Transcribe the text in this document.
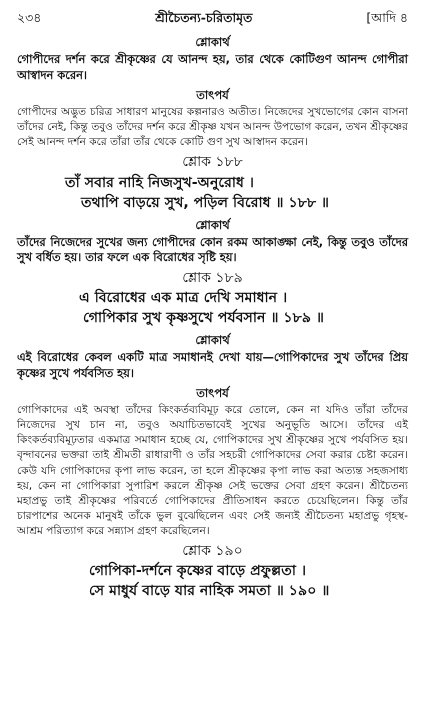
২৩৪	শ্রীচৈতন্য-চরিতামৃত	[আদি ৪
শ্লোকার্থ

গোপীদের দর্শন করে শ্রীকৃষ্ণের যে আনন্দ হয়, তার থেকে কোটিগুণ আনন্দ গোপীরা আস্বাদন করেন।

তাৎপর্য

গোপীদের অদ্ভুত চরিত্র সাধারণ মানুষের কল্পনারও অতীত। নিজেদের সুখভোগের কোন বাসনা তাঁদের নেই, কিন্তু তবুও তাঁদের দর্শন করে শ্রীকৃষ্ণ যখন আনন্দ উপভোগ করেন, তখন শ্রীকৃষ্ণের সেই আনন্দ দর্শন করে তাঁরা তাঁর থেকে কোটি গুণ সুখ আস্বাদন করেন।

শ্লোক ১৮৮
তাঁ সবার নাহি নিজসুখ-অনুরোধ ।
তথাপি বাড়য়ে সুখ, পড়িল বিরোধ ॥ ১৮৮ ॥
শ্লোকার্থ

তাঁদের নিজেদের সুখের জন্য গোপীদের কোন রকম আকাঙ্ক্ষা নেই, কিন্তু তবুও তাঁদের সুখ বর্ধিত হয়। তার ফলে এক বিরোধের সৃষ্টি হয়।

শ্লোক ১৮৯
এ বিরোধের এক মাত্র দেখি সমাধান ।
গোপিকার সুখ কৃষ্ণসুখে পর্যবসান ॥ ১৮৯ ॥
শ্লোকার্থ

এই বিরোধের কেবল একটি মাত্র সমাধানই দেখা যায়—গোপিকাদের সুখ তাঁদের প্রিয় কৃষ্ণের সুখে পর্যবসিত হয়।

তাৎপর্য

গোপিকাদের এই অবস্থা তাঁদের কিংকর্তব্যবিমূঢ় করে তোলে, কেন না যদিও তাঁরা তাঁদের নিজেদের সুখ চান না, তবুও অযাচিতভাবেই সুখের অনুভূতি আসে। তাঁদের এই কিংকর্তব্যবিমূঢ়তার একমাত্র সমাধান হচ্ছে যে, গোপিকাদের সুখ শ্রীকৃষ্ণের সুখে পর্যবসিত হয়। বৃন্দাবনের ভক্তরা তাই শ্রীমতী রাধারাণী ও তাঁর সহচরী গোপিকাদের সেবা করার চেষ্টা করেন। কেউ যদি গোপিকাদের কৃপা লাভ করেন, তা হলে শ্রীকৃষ্ণের কৃপা লাভ করা অত্যন্ত সহজসাধ্য হয়, কেন না গোপিকারা সুপারিশ করলে শ্রীকৃষ্ণ সেই ভক্তের সেবা গ্রহণ করেন। শ্রীচৈতন্য মহাপ্রভু তাই শ্রীকৃষ্ণের পরিবর্তে গোপিকাদের প্রীতিসাধন করতে চেয়েছিলেন। কিন্তু তাঁর চারপাশের অনেক মানুষই তাঁকে ভুল বুঝেছিলেন এবং সেই জন্যই শ্রীচৈতন্য মহাপ্রভু গৃহস্থ-আশ্রম পরিত্যাগ করে সন্ন্যাস গ্রহণ করেছিলেন।

শ্লোক ১৯০
গোপিকা-দর্শনে কৃষ্ণের বাড়ে প্রফুল্লতা ।
সে মাধুর্য বাড়ে যার নাহিক সমতা ॥ ১৯০ ॥
